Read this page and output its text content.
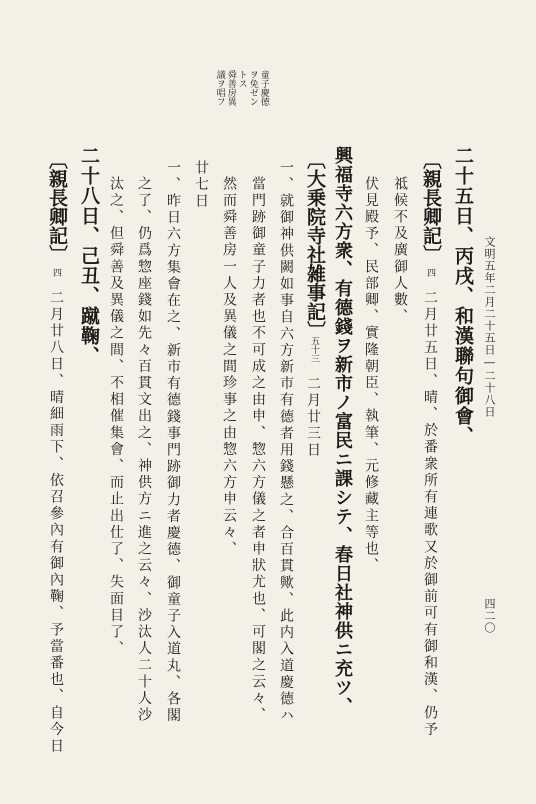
文明五年二月二十五日―二十八日
四二〇
童子慶徳
ヲ免ゼン
トス
舜善房異
議ヲ唱フ
二十五日、丙戌、和漢聯句御會、
〔親長卿記〕
四
二月廿五日、晴、於番衆所有連歌又於御前可有御和漢、仍予
祗候不及廣御人數、
伏見殿予、民部卿、實隆朝臣、執筆、元修藏主等也、
興福寺六方衆、有德錢ヲ新市ノ富民ニ課シテ、春日社神供ニ充ツ、
〔大乗院寺社雑事記〕
五十三
二月廿三日
一、就御神供闕如事自六方新市有德者用錢懸之、合百貫歟、此内入道慶德ハ
當門跡御童子力者也不可成之由申、惣六方儀之者申狀尤也、可閣之云々、
然而舜善房一人及異儀之間珍事之由惣六方申云々、
廿七日
一、昨日六方集會在之、新市有德錢事門跡御力者慶德、御童子入道丸、各閣
之了、仍爲惣座錢如先々百貫文出之、神供方ニ進之云々、沙汰人二十人沙
汰之、但舜善及異儀之間、不相催集會、而止出仕了、失面目了、
二十八日、己丑、蹴鞠、
〔親長卿記〕
四
二月廿八日、晴細雨下、依召參內有御內鞠、予當番也、自今日
